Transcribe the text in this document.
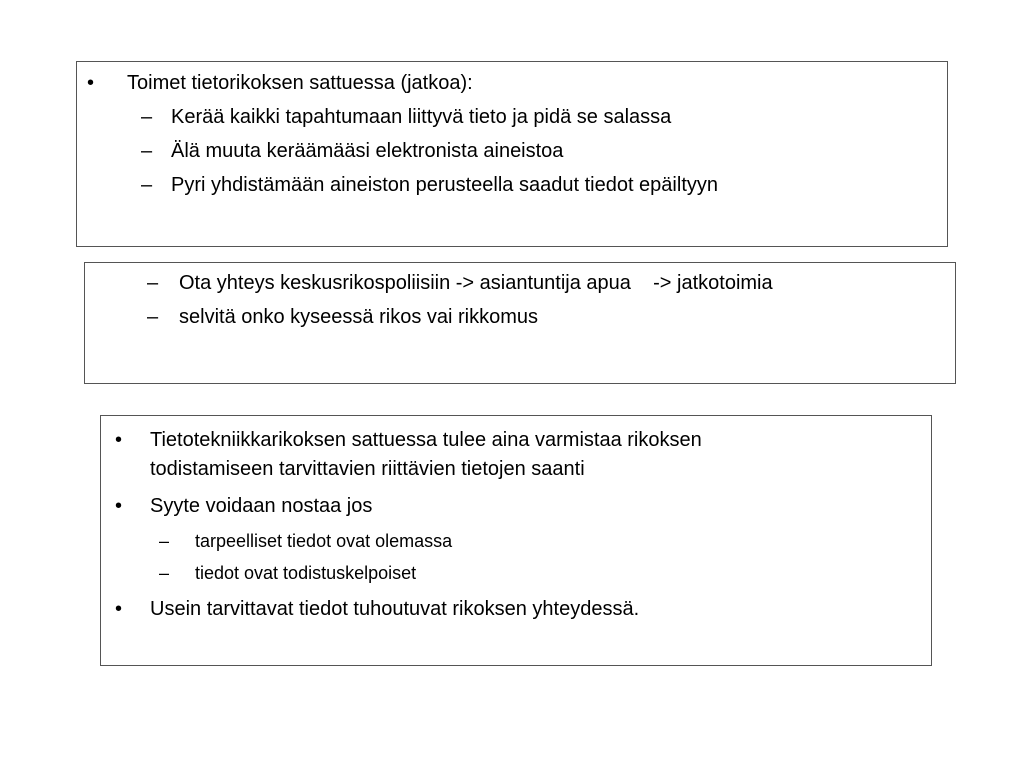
• Toimet tietorikoksen sattuessa (jatkoa):
– Kerää kaikki tapahtumaan liittyvä tieto ja pidä se salassa
– Älä muuta keräämääsi elektronista aineistoa
– Pyri yhdistämään aineiston perusteella saadut tiedot epäiltyyn
– Ota yhteys keskusrikospoliisiin -> asiantuntija apua    -> jatkotoimia
– selvitä onko kyseessä rikos vai rikkomus
• Tietotekniikkarikoksen sattuessa tulee aina varmistaa rikoksen
todistamiseen tarvittavien riittävien tietojen saanti
• Syyte voidaan nostaa jos
– tarpeelliset tiedot ovat olemassa
– tiedot ovat todistuskelpoiset
• Usein tarvittavat tiedot tuhoutuvat rikoksen yhteydessä.
